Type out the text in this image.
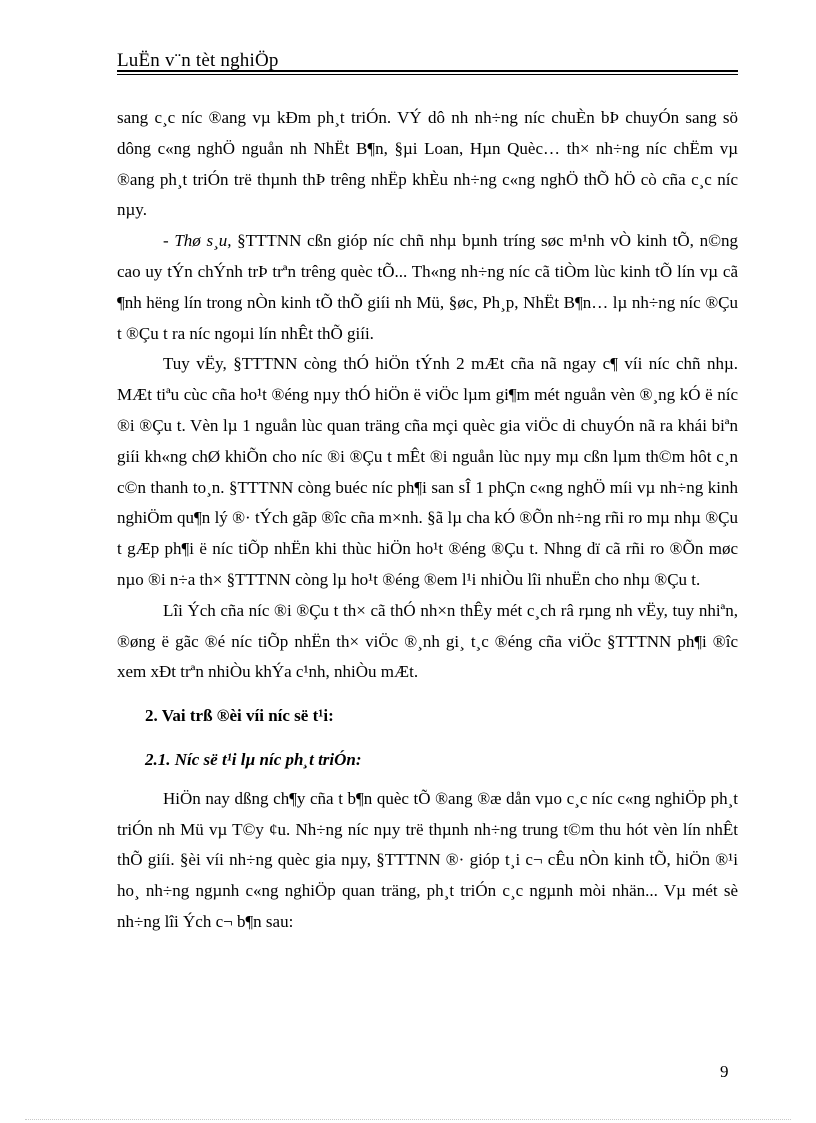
LuËn v¨n tèt nghiÖp

sang c¸c níc ®ang vµ kÐm ph¸t triÓn. VÝ dô nh nh÷ng níc chuÈn bÞ chuyÓn sang sö dông c«ng nghÖ nguån nh NhËt B¶n, §µi Loan, Hµn Quèc… th× nh÷ng níc chËm vµ ®ang ph¸t triÓn trë thµnh thÞ trêng nhËp khÈu nh÷ng c«ng nghÖ thÕ hÖ cò cña c¸c níc nµy.

- Thø s¸u, §TTTNN cßn gióp níc chñ nhµ bµnh tríng søc m¹nh vÒ kinh tÕ, n©ng cao uy tÝn chÝnh trÞ trªn trêng quèc tÕ... Th«ng nh÷ng níc cã tiÒm lùc kinh tÕ lín vµ cã ¶nh hëng lín trong nÒn kinh tÕ thÕ giíi nh Mü, §øc, Ph¸p, NhËt B¶n… lµ nh÷ng níc ®Çu t ®Çu t ra níc ngoµi lín nhÊt thÕ giíi.

Tuy vËy, §TTTNN còng thÓ hiÖn tÝnh 2 mÆt cña nã ngay c¶ víi níc chñ nhµ. MÆt tiªu cùc cña ho¹t ®éng nµy thÓ hiÖn ë viÖc lµm gi¶m mét nguån vèn ®¸ng kÓ ë níc ®i ®Çu t. Vèn lµ 1 nguån lùc quan träng cña mçi quèc gia viÖc di chuyÓn nã ra khái biªn giíi kh«ng chØ khiÕn cho níc ®i ®Çu t mÊt ®i nguån lùc nµy mµ cßn lµm th©m hôt c¸n c©n thanh to¸n. §TTTNN còng buéc níc ph¶i san sÎ 1 phÇn c«ng nghÖ míi vµ nh÷ng kinh nghiÖm qu¶n lý ®· tÝch gãp ®îc cña m×nh. §ã lµ cha kÓ ®Õn nh÷ng rñi ro mµ nhµ ®Çu t gÆp ph¶i ë níc tiÕp nhËn khi thùc hiÖn ho¹t ®éng ®Çu t. Nhng dï cã rñi ro ®Õn møc nµo ®i n÷a th× §TTTNN còng lµ ho¹t ®éng ®em l¹i nhiÒu lîi nhuËn cho nhµ ®Çu t.

Lîi Ých cña níc ®i ®Çu t th× cã thÓ nh×n thÊy mét c¸ch râ rµng nh vËy, tuy nhiªn, ®øng ë gãc ®é níc tiÕp nhËn th× viÖc ®¸nh gi¸ t¸c ®éng cña viÖc §TTTNN ph¶i ®îc xem xÐt trªn nhiÒu khÝa c¹nh, nhiÒu mÆt.

2. Vai trß ®èi víi níc së t¹i:

2.1. Níc së t¹i lµ níc ph¸t triÓn:

HiÖn nay dßng ch¶y cña t b¶n quèc tÕ ®ang ®æ dån vµo c¸c níc c«ng nghiÖp ph¸t triÓn nh Mü vµ T©y ¢u. Nh÷ng níc nµy trë thµnh nh÷ng trung t©m thu hót vèn lín nhÊt thÕ giíi. §èi víi nh÷ng quèc gia nµy, §TTTNN ®· gióp t¸i c¬ cÊu nÒn kinh tÕ, hiÖn ®¹i ho¸ nh÷ng ngµnh c«ng nghiÖp quan träng, ph¸t triÓn c¸c ngµnh mòi nhän... Vµ mét sè nh÷ng lîi Ých c¬ b¶n sau:

9
